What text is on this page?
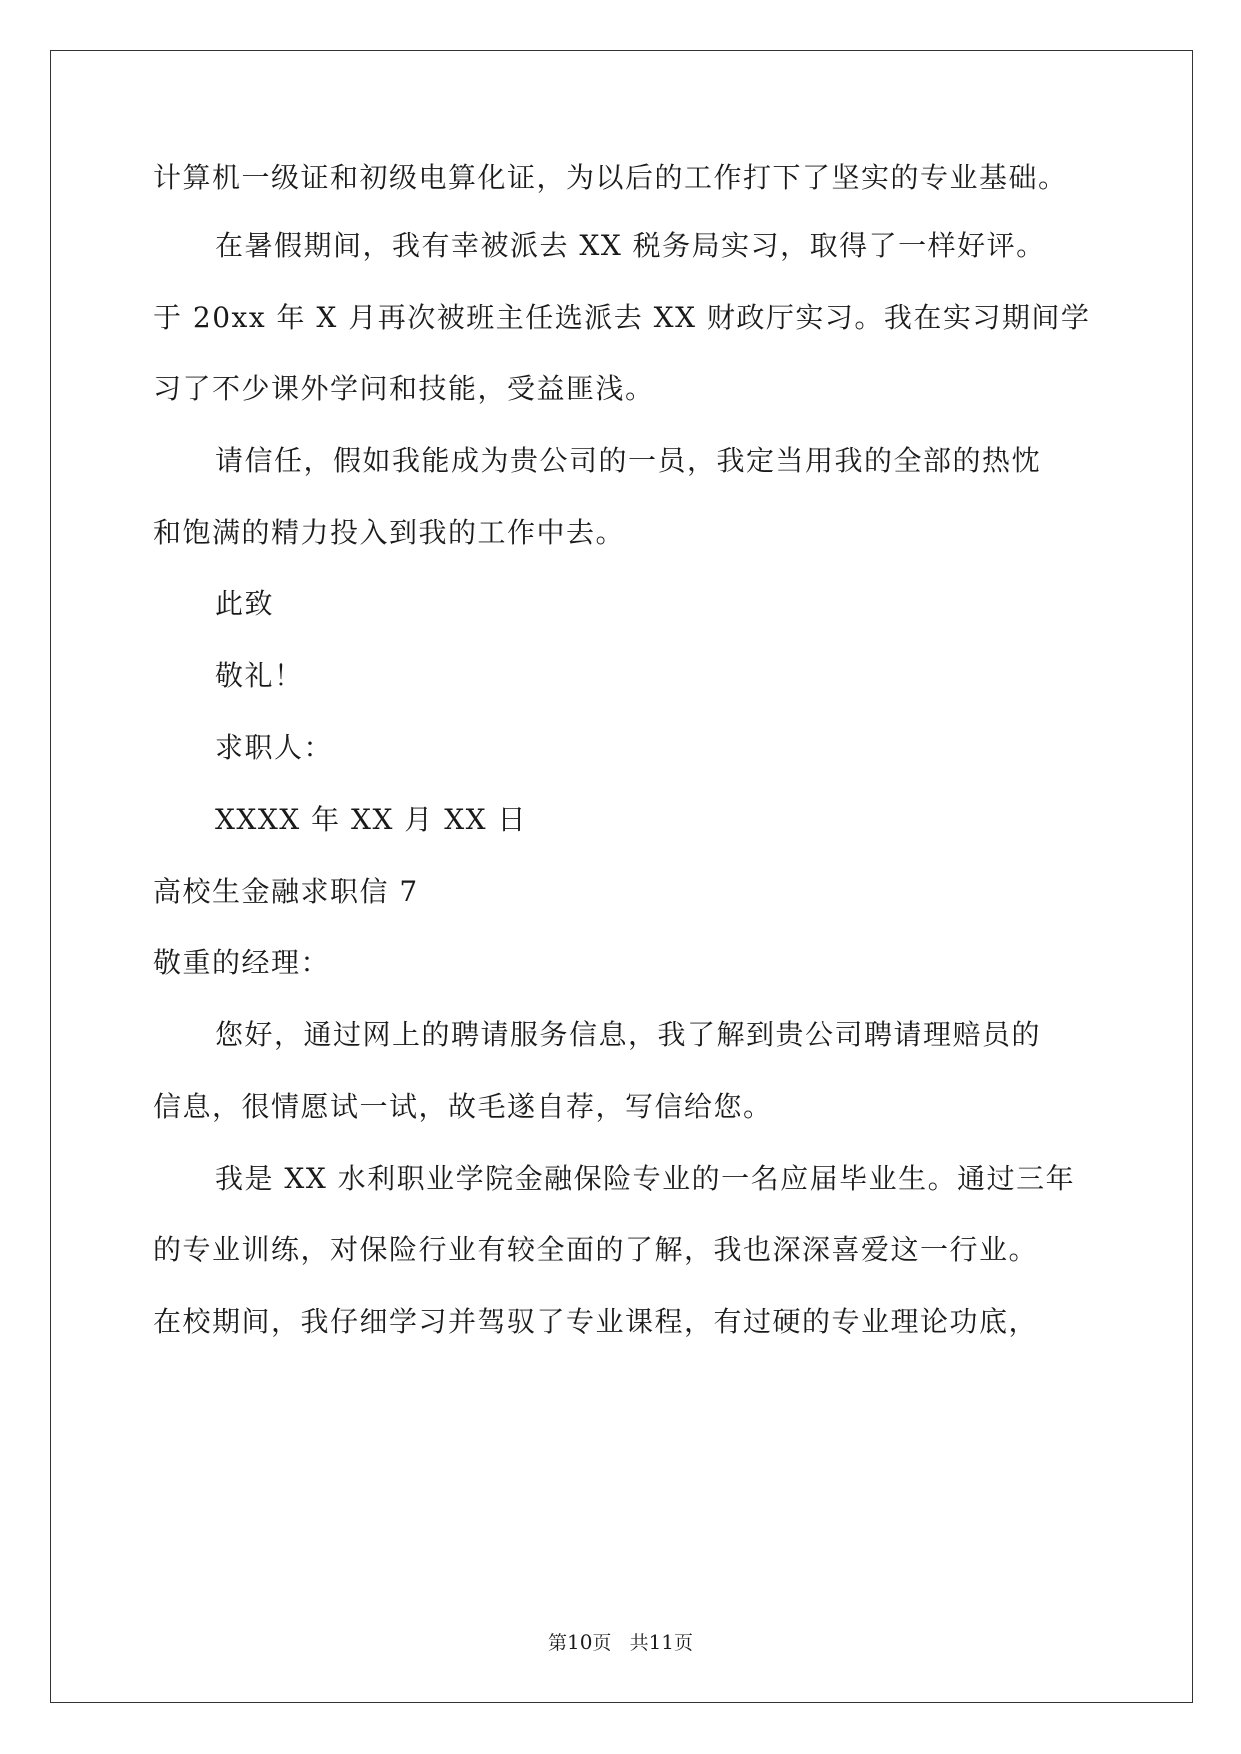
计算机一级证和初级电算化证，为以后的工作打下了坚实的专业基础。
在暑假期间，我有幸被派去 XX 税务局实习，取得了一样好评。
于 20xx 年 X 月再次被班主任选派去 XX 财政厅实习。我在实习期间学
习了不少课外学问和技能，受益匪浅。
请信任，假如我能成为贵公司的一员，我定当用我的全部的热忱
和饱满的精力投入到我的工作中去。
此致
敬礼！
求职人：
XXXX 年 XX 月 XX 日
高校生金融求职信 7
敬重的经理：
您好，通过网上的聘请服务信息，我了解到贵公司聘请理赔员的
信息，很情愿试一试，故毛遂自荐，写信给您。
我是 XX 水利职业学院金融保险专业的一名应届毕业生。通过三年
的专业训练，对保险行业有较全面的了解，我也深深喜爱这一行业。
在校期间，我仔细学习并驾驭了专业课程，有过硬的专业理论功底，
第10页 共11页
